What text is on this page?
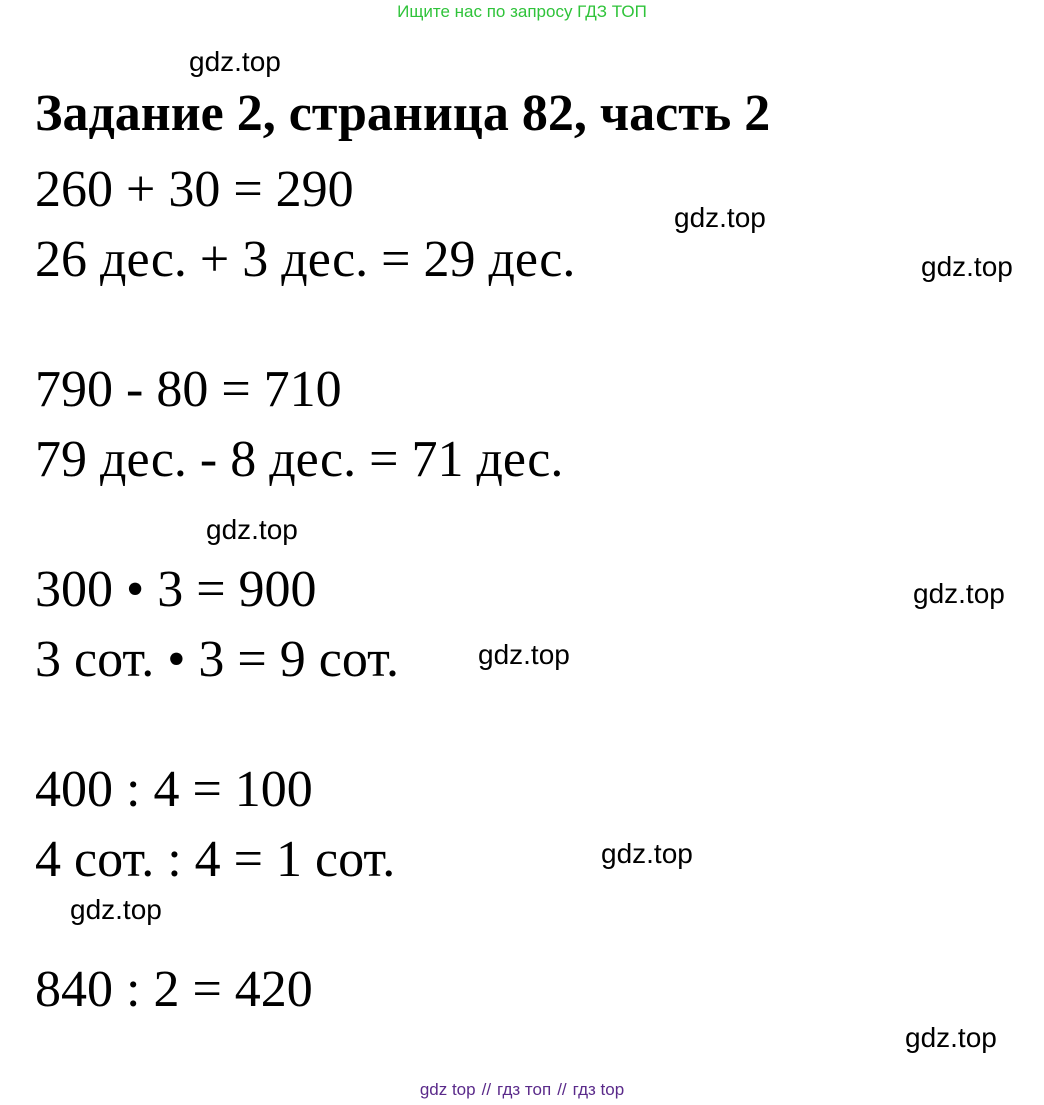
Ищите нас по запросу ГДЗ ТОП
gdz.top
Задание 2, страница 82, часть 2
260 + 30 = 290	gdz.top
26 дес. + 3 дес. = 29 дес.	gdz.top
790 - 80 = 710
79 дес. - 8 дес. = 71 дес.
gdz.top
300 • 3 = 900	gdz.top
3 сот. • 3 = 9 сот.	gdz.top
400 : 4 = 100
4 сот. : 4 = 1 сот.	gdz.top
gdz.top
840 : 2 = 420
gdz.top
gdz top // гдз топ // гдз top
